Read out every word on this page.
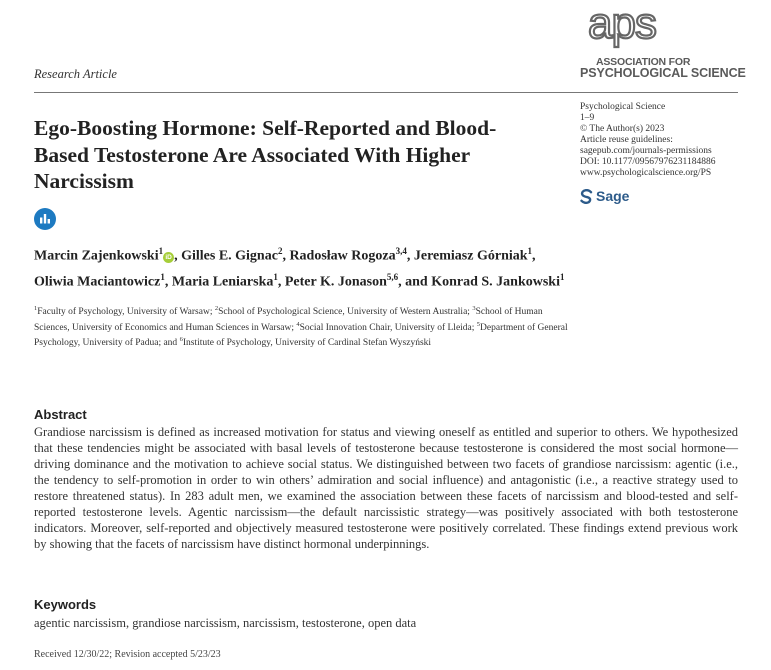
aps
ASSOCIATION FOR
PSYCHOLOGICAL SCIENCE
Research Article
Psychological Science
1–9
© The Author(s) 2023
Article reuse guidelines:
sagepub.com/journals-permissions
DOI: 10.1177/09567976231184886
www.psychologicalscience.org/PS
Sage
Ego-Boosting Hormone: Self-Reported and Blood-Based Testosterone Are Associated With Higher Narcissism
Marcin Zajenkowski$^1$iD , Gilles E. Gignac$^2$, Radosław Rogoza$^{3,4}$, Jeremiasz Górniak$^1$, Oliwia Maciantowicz$^1$, Maria Leniarska$^1$, Peter K. Jonason$^{5,6}$, and Konrad S. Jankowski$^1$
$^1$Faculty of Psychology, University of Warsaw; $^2$School of Psychological Science, University of Western Australia; $^3$School of Human Sciences, University of Economics and Human Sciences in Warsaw; $^4$Social Innovation Chair, University of Lleida; $^5$Department of General Psychology, University of Padua; and $^6$Institute of Psychology, University of Cardinal Stefan Wyszyński
Abstract

Grandiose narcissism is defined as increased motivation for status and viewing oneself as entitled and superior to others. We hypothesized that these tendencies might be associated with basal levels of testosterone because testosterone is considered the most social hormone—driving dominance and the motivation to achieve social status. We distinguished between two facets of grandiose narcissism: agentic (i.e., the tendency to self-promotion in order to win others’ admiration and social influence) and antagonistic (i.e., a reactive strategy used to restore threatened status). In 283 adult men, we examined the association between these facets of narcissism and blood-tested and self-reported testosterone levels. Agentic narcissism—the default narcissistic strategy—was positively associated with both testosterone indicators. Moreover, self-reported and objectively measured testosterone were positively correlated. These findings extend previous work by showing that the facets of narcissism have distinct hormonal underpinnings.

Keywords
agentic narcissism, grandiose narcissism, narcissism, testosterone, open data
Received 12/30/22; Revision accepted 5/23/23
